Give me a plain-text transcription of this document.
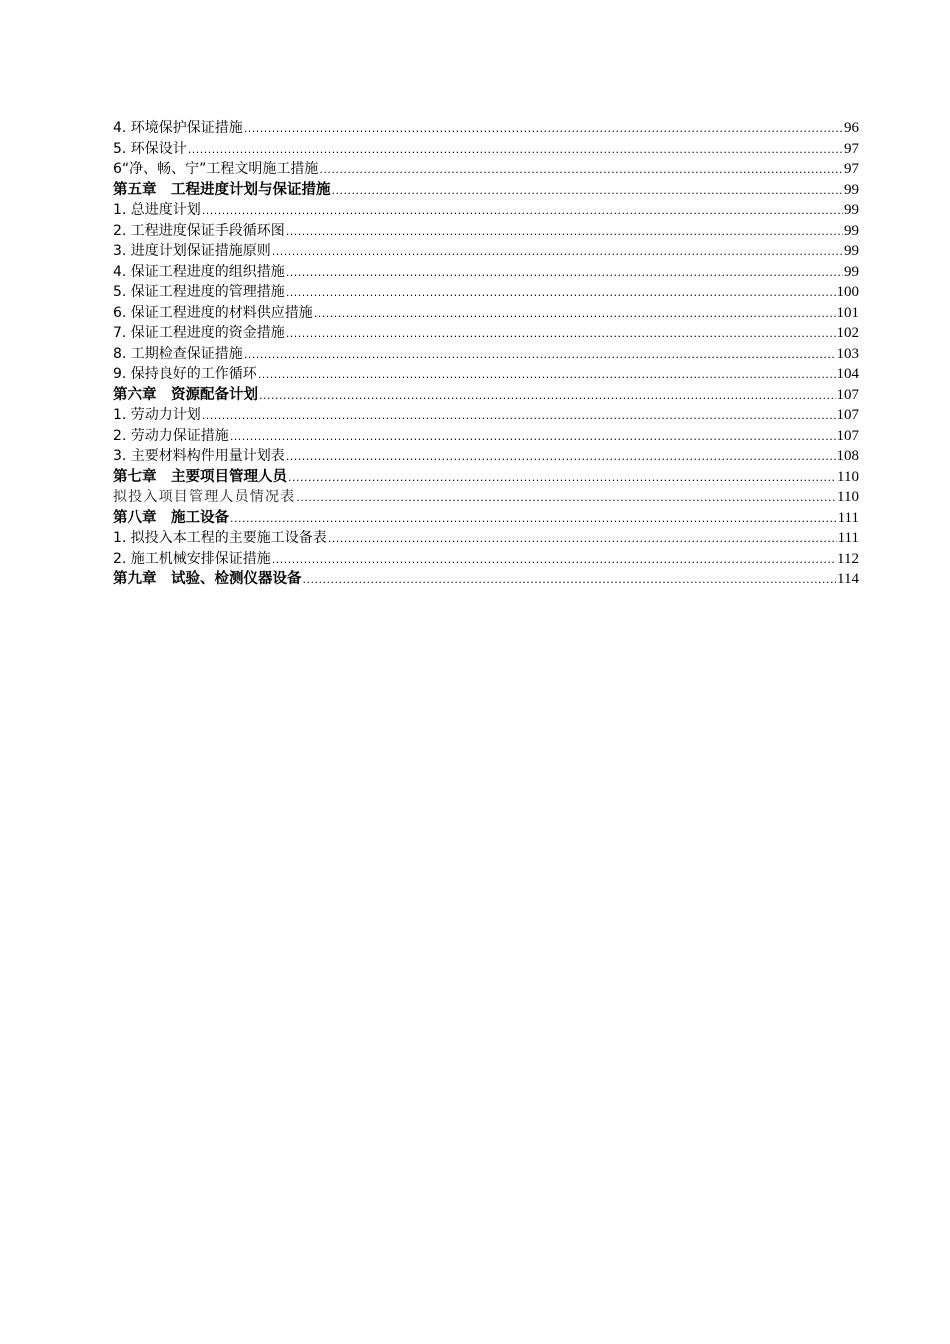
4. 环境保护保证措施 .....	96
5. 环保设计 .....	97
6“净、畅、宁”工程文明施工措施 .....	97
第五章　工程进度计划与保证措施 .....	99
1. 总进度计划 .....	99
2. 工程进度保证手段循环图 .....	99
3. 进度计划保证措施原则 .....	99
4. 保证工程进度的组织措施 .....	99
5. 保证工程进度的管理措施 .....	100
6. 保证工程进度的材料供应措施 .....	101
7. 保证工程进度的资金措施 .....	102
8. 工期检查保证措施 .....	103
9. 保持良好的工作循环 .....	104
第六章　资源配备计划 .....	107
1. 劳动力计划 .....	107
2. 劳动力保证措施 .....	107
3. 主要材料构件用量计划表 .....	108
第七章　主要项目管理人员 .....	110
拟投入项目管理人员情况表 .....	110
第八章　施工设备 .....	111
1. 拟投入本工程的主要施工设备表 .....	111
2. 施工机械安排保证措施 .....	112
第九章　试验、检测仪器设备 .....	114
